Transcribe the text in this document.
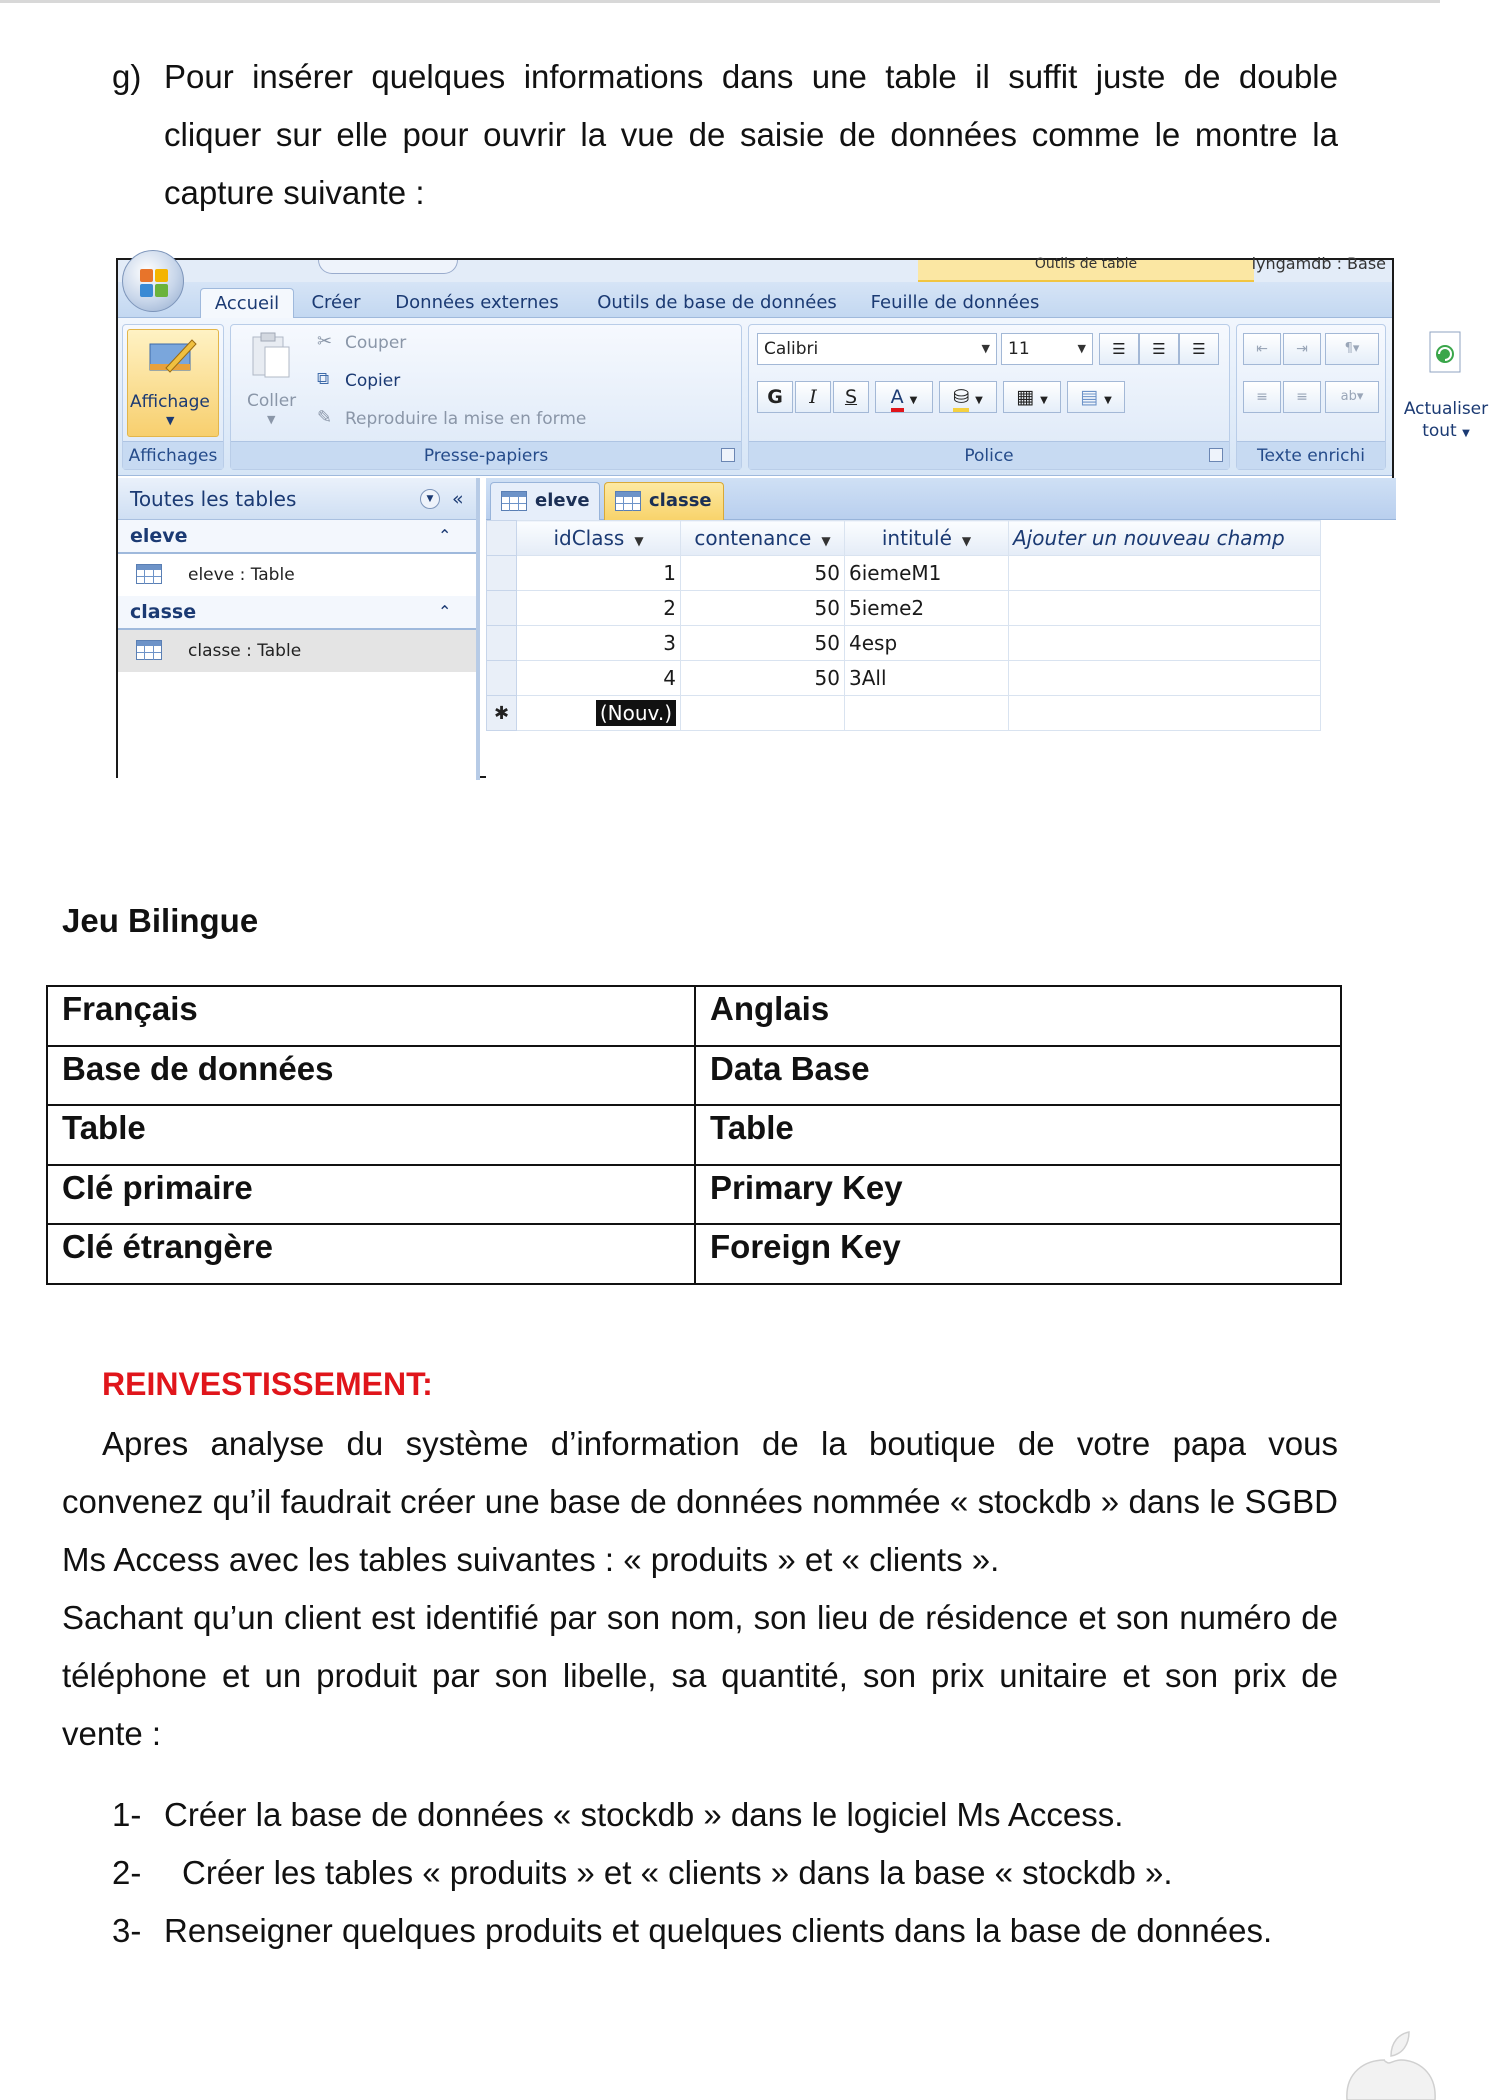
g) Pour insérer quelques informations dans une table il suffit juste de double cliquer sur elle pour ouvrir la vue de saisie de données comme le montre la capture suivante :

Outils de table	lyngamdb : Base
Accueil	Créer	Données externes	Outils de base de données	Feuille de données
Affichage
▼
Affichages
Coller
▼
✂ Couper
⧉ Copier
✎ Reproduire la mise en forme
Presse-papiers
Calibri	▼	11	▼	☰	☰	☰
G	I	S	A ▼	⛁ ▼	▦ ▼	▤ ▼
Police
⇤	⇥	¶▾
≡	≡	ab▾
Texte enrichi
Actualiser
tout ▼
Toutes les tables	▼ «
eleve	⌃
eleve : Table
classe	⌃
classe : Table
eleve	classe
	idClass ▼	contenance ▼	intitulé ▼	Ajouter un nouveau champ	
	1	50	6iemeM1		
	2	50	5ieme2		
	3	50	4esp		
	4	50	3All		
✱	(Nouv.)				
Jeu Bilingue
Français	Anglais
Base de données	Data Base
Table	Table
Clé primaire	Primary Key
Clé étrangère	Foreign Key
REINVESTISSEMENT:

Apres analyse du système d’information de la boutique de votre papa vous convenez qu’il faudrait créer une base de données nommée « stockdb » dans le SGBD Ms Access avec les tables suivantes : « produits » et « clients ».

Sachant qu’un client est identifié par son nom, son lieu de résidence et son numéro de téléphone et un produit par son libelle, sa quantité, son prix unitaire et son prix de vente :

1- Créer la base de données « stockdb » dans le logiciel Ms Access.
2- Créer les tables « produits » et « clients » dans la base « stockdb ».
3- Renseigner quelques produits et quelques clients dans la base de données.
